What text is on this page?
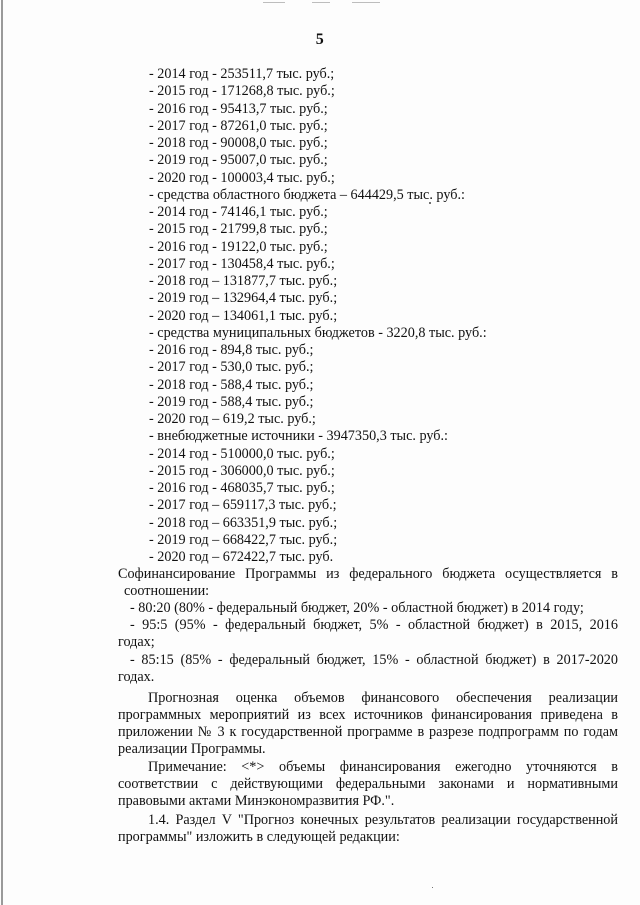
5
- 2014 год - 253511,7 тыс. руб.;
- 2015 год - 171268,8 тыс. руб.;
- 2016 год - 95413,7 тыс. руб.;
- 2017 год - 87261,0 тыс. руб.;
- 2018 год - 90008,0 тыс. руб.;
- 2019 год - 95007,0 тыс. руб.;
- 2020 год - 100003,4 тыс. руб.;
- средства областного бюджета – 644429,5 тыс. руб.:
- 2014 год - 74146,1 тыс. руб.;
- 2015 год - 21799,8 тыс. руб.;
- 2016 год - 19122,0 тыс. руб.;
- 2017 год - 130458,4 тыс. руб.;
- 2018 год – 131877,7 тыс. руб.;
- 2019 год – 132964,4 тыс. руб.;
- 2020 год – 134061,1 тыс. руб.;
- средства муниципальных бюджетов - 3220,8 тыс. руб.:
- 2016 год - 894,8 тыс. руб.;
- 2017 год - 530,0 тыс. руб.;
- 2018 год - 588,4 тыс. руб.;
- 2019 год - 588,4 тыс. руб.;
- 2020 год – 619,2 тыс. руб.;
- внебюджетные источники - 3947350,3 тыс. руб.:
- 2014 год - 510000,0 тыс. руб.;
- 2015 год - 306000,0 тыс. руб.;
- 2016 год - 468035,7 тыс. руб.;
- 2017 год – 659117,3 тыс. руб.;
- 2018 год – 663351,9 тыс. руб.;
- 2019 год – 668422,7 тыс. руб.;
- 2020 год – 672422,7 тыс. руб.
Софинансирование Программы из федерального бюджета осуществляется в
соотношении:
- 80:20 (80% - федеральный бюджет, 20% - областной бюджет) в 2014 году;
- 95:5 (95% - федеральный бюджет, 5% - областной бюджет) в 2015, 2016
годах;
- 85:15 (85% - федеральный бюджет, 15% - областной бюджет) в 2017-2020
годах.
Прогнозная оценка объемов финансового обеспечения реализации
программных мероприятий из всех источников финансирования приведена в
приложении № 3 к государственной программе в разрезе подпрограмм по годам
реализации Программы.
Примечание: <*> объемы финансирования ежегодно уточняются в
соответствии с действующими федеральными законами и нормативными
правовыми актами Минэкономразвития РФ.".
1.4. Раздел V "Прогноз конечных результатов реализации государственной
программы" изложить в следующей редакции:
